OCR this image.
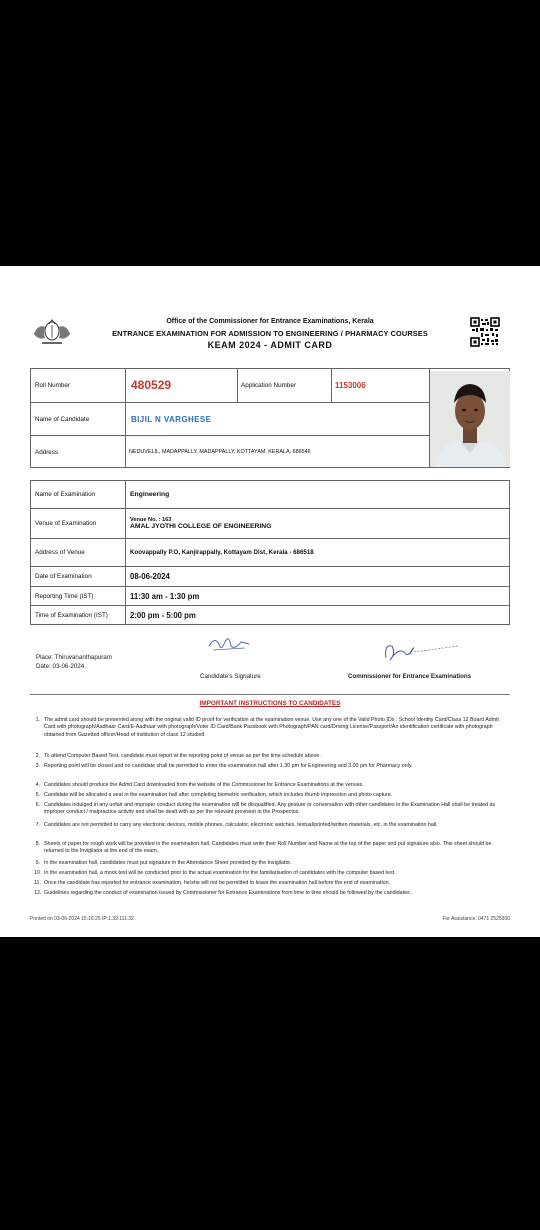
Office of the Commissioner for Entrance Examinations, Kerala
ENTRANCE EXAMINATION FOR ADMISSION TO ENGINEERING / PHARMACY COURSES
KEAM 2024 - ADMIT CARD
Roll Number	480529	Application Number	1153006
Name of Candidate	BIJIL N VARGHESE
Address	NEDUVELIL, MADAPPALLY, MADAPPALLY, KOTTAYAM, KERALA, 686546
Name of Examination	Engineering
Venue of Examination	Venue No. : 163
AMAL JYOTHI COLLEGE OF ENGINEERING
Address of Venue	Koovappally P.O, Kanjirappally, Kottayam Dist, Kerala - 686518
Date of Examination	08-06-2024
Reporting Time (IST)	11:30 am - 1:30 pm
Time of Examination (IST)	2:00 pm - 5:00 pm
Place: Thiruvananthapuram
Date: 03-06-2024
Candidate's Signature	Commissioner for Entrance Examinations
IMPORTANT INSTRUCTIONS TO CANDIDATES
1. The admit card should be presented along with the original valid ID proof for verification at the examination venue. Use any one of the Valid Photo IDs : School Identity Card/Class 12 Board Admit Card with photograph/Aadhaar Card/E-Aadhaar with photograph/Voter ID Card/Bank Passbook with Photograph/PAN card/Driving License/Passport/An identification certificate with photograph obtained from Gazetted officer/Head of institution of class 12 studied
2. To attend Computer Based Test, candidate must report at the reporting point of venue as per the time schedule above.
3. Reporting point will be closed and no candidate shall be permitted to enter the examination hall after 1.30 pm for Engineering and 3.00 pm for Pharmacy only.
4. Candidates should produce the Admit Card downloaded from the website of the Commissioner for Entrance Examinations at the venues.
5. Candidate will be allocated a seat in the examination hall after completing biometric verification, which includes thumb impression and photo capture.
6. Candidates indulged in any unfair and improper conduct during the examination will be disqualified. Any gesture or conversation with other candidates in the Examination Hall shall be treated as improper conduct / malpractice activity and shall be dealt with as per the relevant provision in the Prospectus.
7. Candidates are not permitted to carry any electronic devices, mobile phones, calculator, electronic watches, textual/printed/written materials, etc. in the examination hall.
8. Sheets of paper for rough work will be provided in the examination hall. Candidates must write their Roll Number and Name at the top of the paper and put signature also. This sheet should be returned to the Invigilator at the end of the exam.
9. In the examination hall, candidates must put signature in the Attendance Sheet provided by the Invigilator.
10. In the examination hall, a mock test will be conducted prior to the actual examination for the familiarisation of candidates with the computer based test.
11. Once the candidate has reported for entrance examination, he/she will not be permitted to leave the examination hall before the end of examination.
12. Guidelines regarding the conduct of examination issued by Commissioner for Entrance Examinations from time to time should be followed by the candidates.
Printed on 03-06-2024 15:16:25 IP:1.39.111.32	For Assistance: 0471 2525300
